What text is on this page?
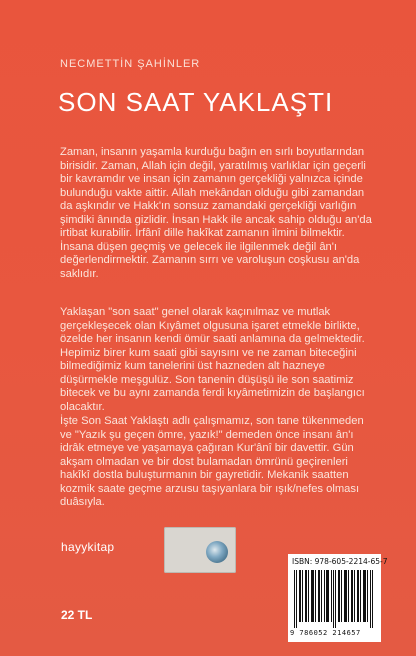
NECMETTİN ŞAHİNLER
SON SAAT YAKLAŞTI

Zaman, insanın yaşamla kurduğu bağın en sırlı boyutlarından birisidir. Zaman, Allah için değil, yaratılmış varlıklar için geçerli bir kavramdır ve insan için zamanın gerçekliği yalnızca içinde bulunduğu vakte aittir. Allah mekândan olduğu gibi zamandan da aşkındır ve Hakk'ın sonsuz zamandaki gerçekliği varlığın şimdiki ânında gizlidir. İnsan Hakk ile ancak sahip olduğu an'da irtibat kurabilir. İrfânî dille hakîkat zamanın ilmini bilmektir. İnsana düşen geçmiş ve gelecek ile ilgilenmek değil ân'ı değerlendirmektir. Zamanın sırrı ve varoluşun coşkusu an'da saklıdır.

Yaklaşan "son saat" genel olarak kaçınılmaz ve mutlak gerçekleşecek olan Kıyâmet olgusuna işaret etmekle birlikte, özelde her insanın kendi ömür saati anlamına da gelmektedir. Hepimiz birer kum saati gibi sayısını ve ne zaman biteceğini bilmediğimiz kum tanelerini üst hazneden alt hazneye düşürmekle meşgulüz. Son tanenin düşüşü ile son saatimiz bitecek ve bu aynı zamanda ferdi kıyâmetimizin de başlangıcı olacaktır.

İşte Son Saat Yaklaştı adlı çalışmamız, son tane tükenmeden ve "Yazık şu geçen ömre, yazık!" demeden önce insanı ân'ı idrâk etmeye ve yaşamaya çağıran Kur'ânî bir davettir. Gün akşam olmadan ve bir dost bulamadan ömrünü geçirenleri hakîkî dostla buluşturmanın bir gayretidir. Mekanik saatten kozmik saate geçme arzusu taşıyanlara bir ışık/nefes olması duâsıyla.

hayykitap
22 TL
ISBN: 978-605-2214-65-7
9 786052 214657
